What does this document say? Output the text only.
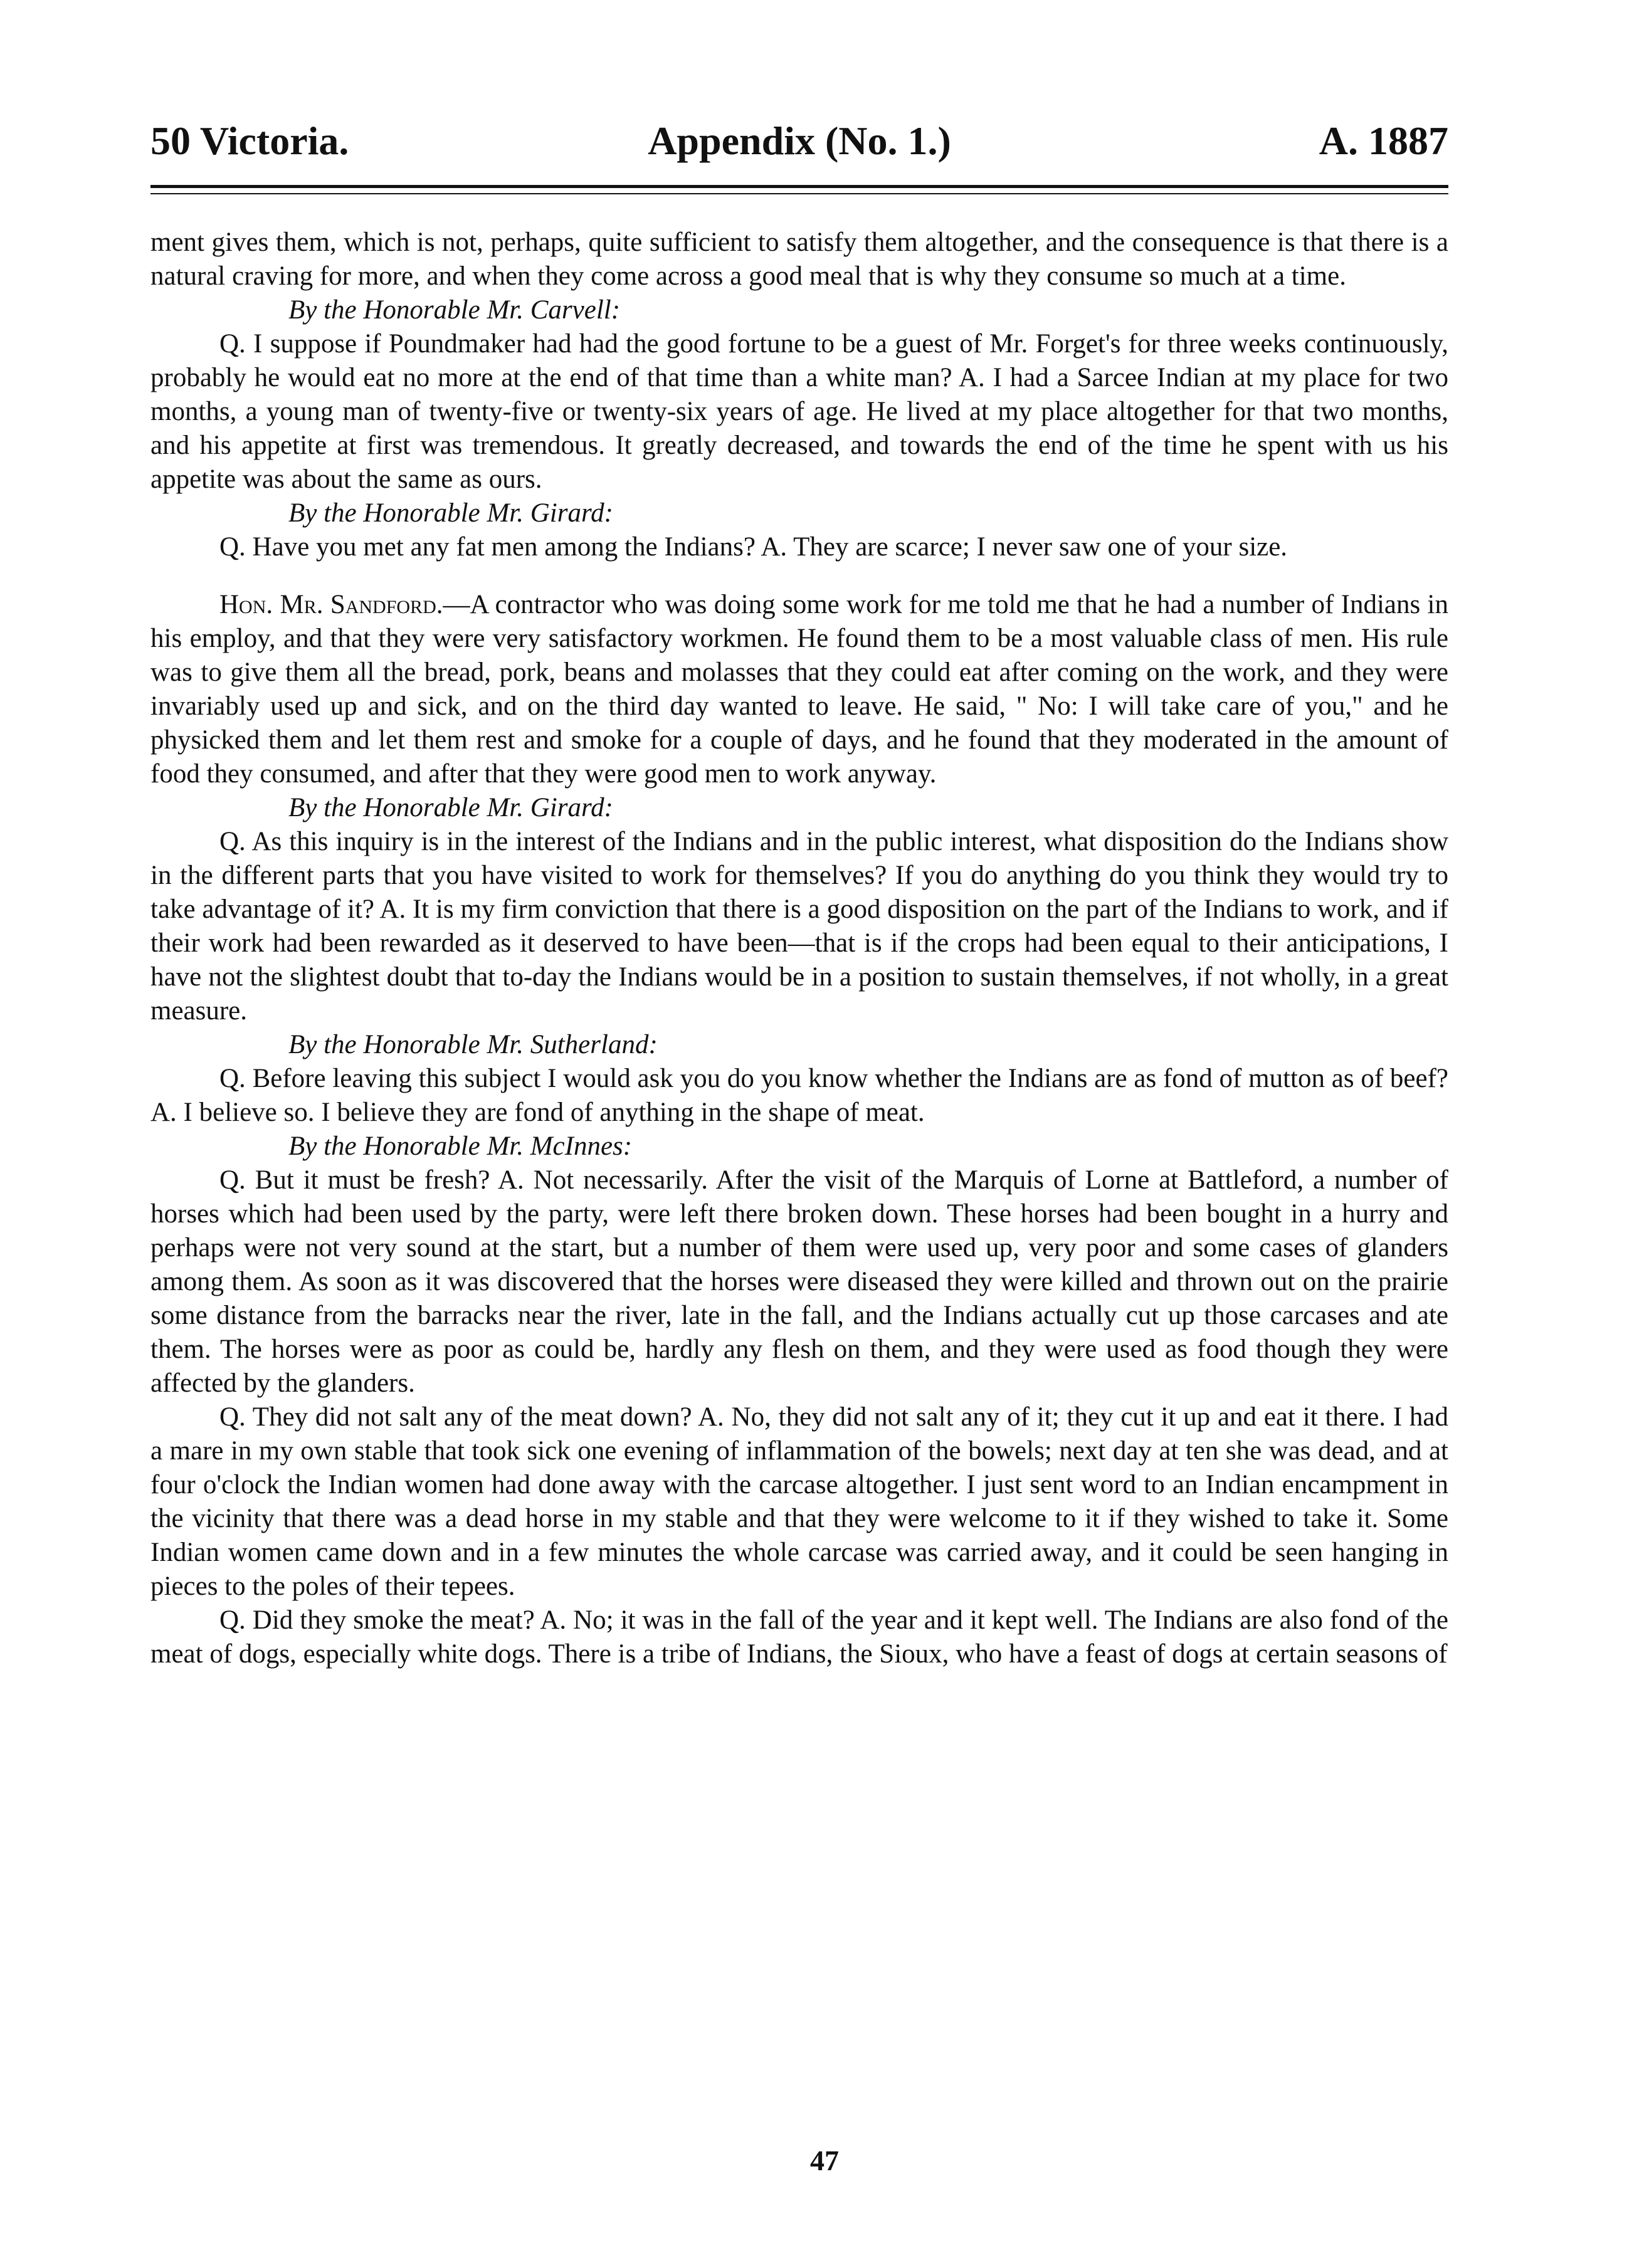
50 Victoria.	Appendix (No. 1.)	A. 1887

ment gives them, which is not, perhaps, quite sufficient to satisfy them altogether, and the consequence is that there is a natural craving for more, and when they come across a good meal that is why they consume so much at a time.

By the Honorable Mr. Carvell:

Q. I suppose if Poundmaker had had the good fortune to be a guest of Mr. Forget's for three weeks continuously, probably he would eat no more at the end of that time than a white man? A. I had a Sarcee Indian at my place for two months, a young man of twenty-five or twenty-six years of age. He lived at my place altogether for that two months, and his appetite at first was tremendous. It greatly decreased, and towards the end of the time he spent with us his appetite was about the same as ours.

By the Honorable Mr. Girard:

Q. Have you met any fat men among the Indians? A. They are scarce; I never saw one of your size.

Hon. Mr. Sandford.—A contractor who was doing some work for me told me that he had a number of Indians in his employ, and that they were very satisfactory workmen. He found them to be a most valuable class of men. His rule was to give them all the bread, pork, beans and molasses that they could eat after coming on the work, and they were invariably used up and sick, and on the third day wanted to leave. He said, " No: I will take care of you," and he physicked them and let them rest and smoke for a couple of days, and he found that they moderated in the amount of food they consumed, and after that they were good men to work anyway.

By the Honorable Mr. Girard:

Q. As this inquiry is in the interest of the Indians and in the public interest, what disposition do the Indians show in the different parts that you have visited to work for themselves? If you do anything do you think they would try to take advantage of it? A. It is my firm conviction that there is a good disposition on the part of the Indians to work, and if their work had been rewarded as it deserved to have been—that is if the crops had been equal to their anticipations, I have not the slightest doubt that to-day the Indians would be in a position to sustain themselves, if not wholly, in a great measure.

By the Honorable Mr. Sutherland:

Q. Before leaving this subject I would ask you do you know whether the Indians are as fond of mutton as of beef? A. I believe so. I believe they are fond of anything in the shape of meat.

By the Honorable Mr. McInnes:

Q. But it must be fresh? A. Not necessarily. After the visit of the Marquis of Lorne at Battleford, a number of horses which had been used by the party, were left there broken down. These horses had been bought in a hurry and perhaps were not very sound at the start, but a number of them were used up, very poor and some cases of glanders among them. As soon as it was discovered that the horses were diseased they were killed and thrown out on the prairie some distance from the barracks near the river, late in the fall, and the Indians actually cut up those carcases and ate them. The horses were as poor as could be, hardly any flesh on them, and they were used as food though they were affected by the glanders.

Q. They did not salt any of the meat down? A. No, they did not salt any of it; they cut it up and eat it there. I had a mare in my own stable that took sick one evening of inflammation of the bowels; next day at ten she was dead, and at four o'clock the Indian women had done away with the carcase altogether. I just sent word to an Indian encampment in the vicinity that there was a dead horse in my stable and that they were welcome to it if they wished to take it. Some Indian women came down and in a few minutes the whole carcase was carried away, and it could be seen hanging in pieces to the poles of their tepees.

Q. Did they smoke the meat? A. No; it was in the fall of the year and it kept well. The Indians are also fond of the meat of dogs, especially white dogs. There is a tribe of Indians, the Sioux, who have a feast of dogs at certain seasons of

47
